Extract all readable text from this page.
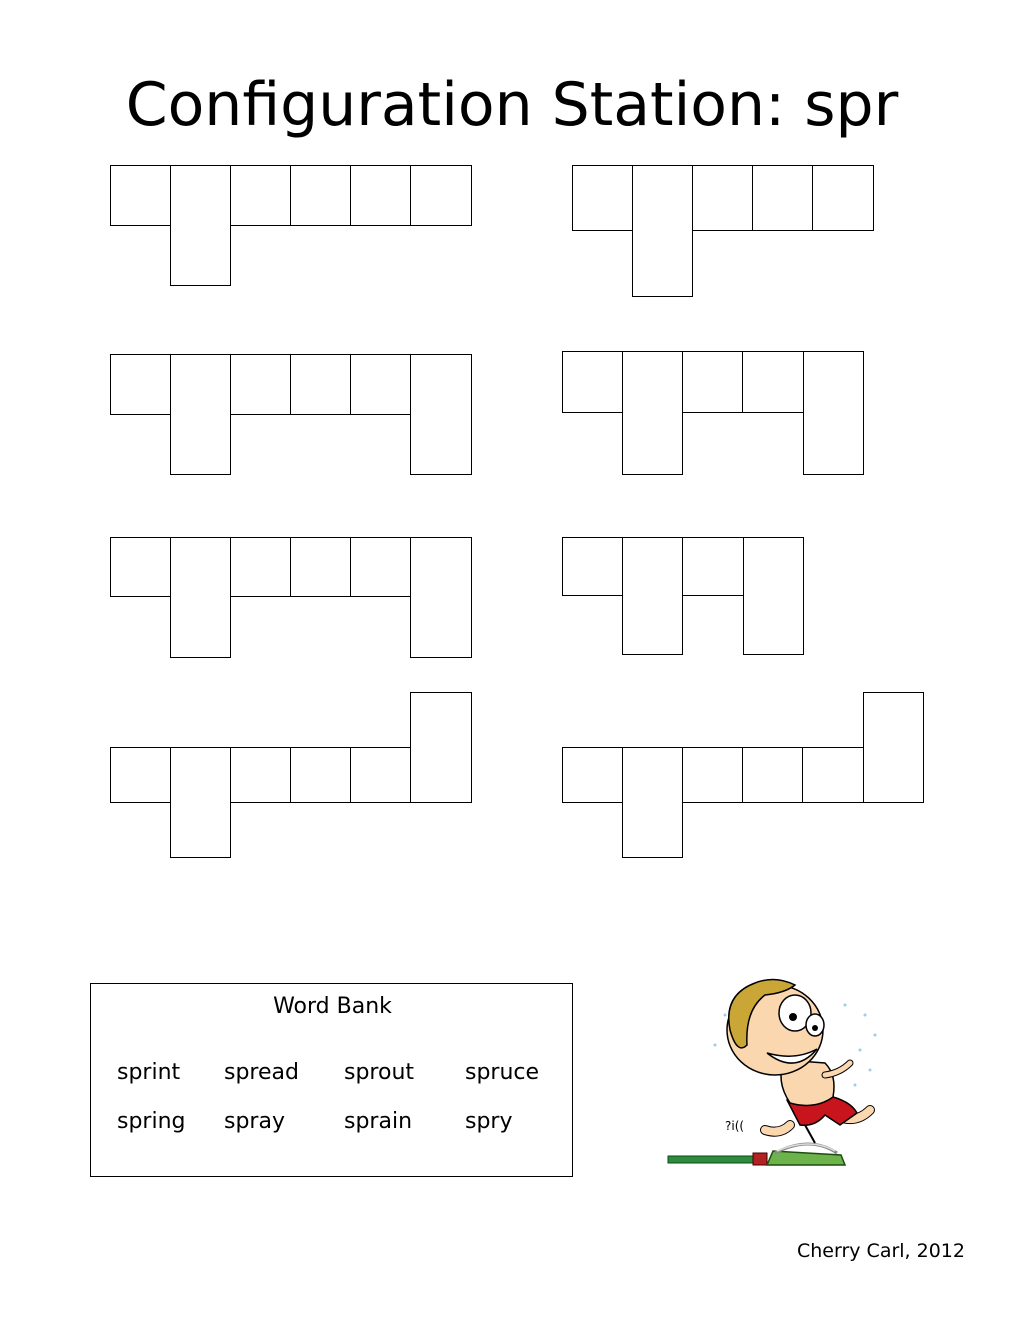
Configuration Station: spr
Word Bank
sprint spread sprout spruce
spring spray	sprain spry	?i((
Cherry Carl, 2012
